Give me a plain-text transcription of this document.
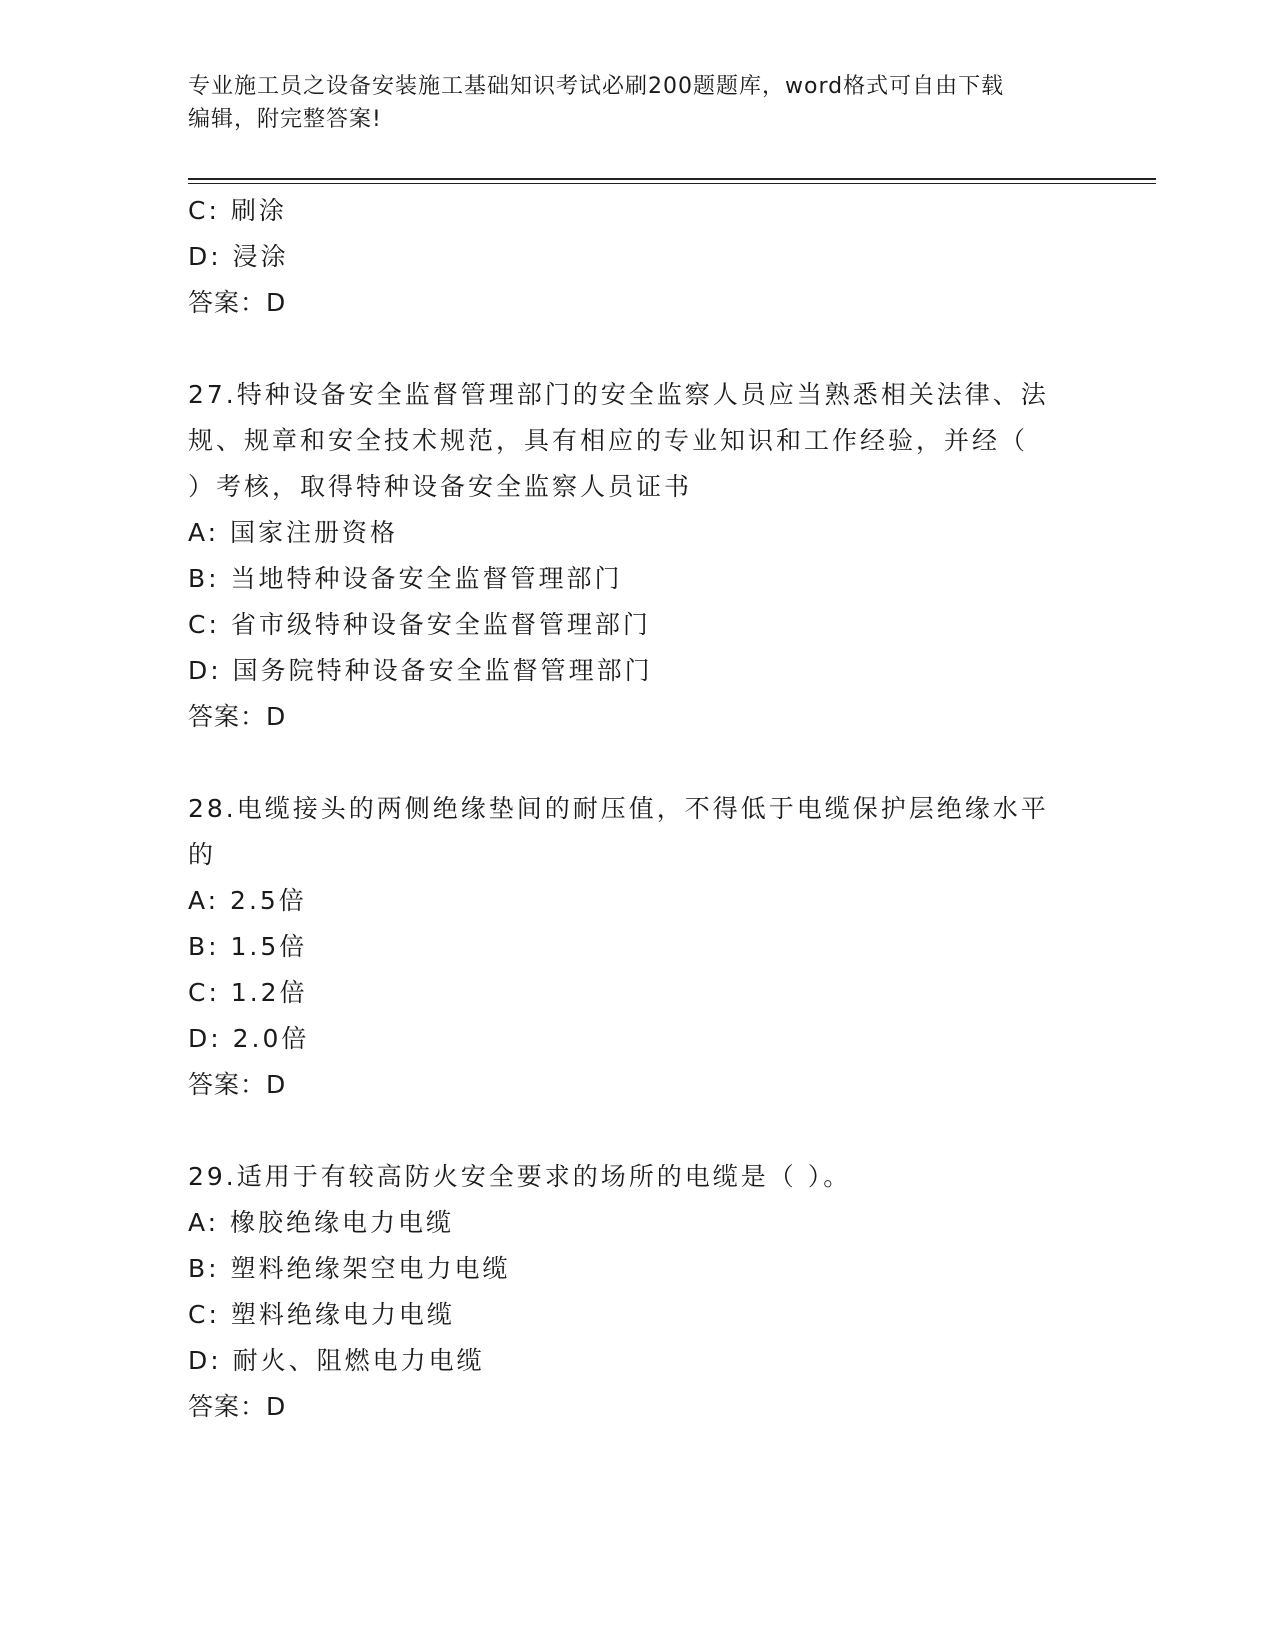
专业施工员之设备安装施工基础知识考试必刷200题题库，word格式可自由下载
编辑，附完整答案!

C: 刷涂

D: 浸涂

答案：D

27.特种设备安全监督管理部门的安全监察人员应当熟悉相关法律、法

规、规章和安全技术规范，具有相应的专业知识和工作经验，并经（

）考核，取得特种设备安全监察人员证书

A: 国家注册资格

B: 当地特种设备安全监督管理部门

C: 省市级特种设备安全监督管理部门

D: 国务院特种设备安全监督管理部门

答案：D

28.电缆接头的两侧绝缘垫间的耐压值，不得低于电缆保护层绝缘水平

的

A: 2.5倍

B: 1.5倍

C: 1.2倍

D: 2.0倍

答案：D

29.适用于有较高防火安全要求的场所的电缆是（ ）。

A: 橡胶绝缘电力电缆

B: 塑料绝缘架空电力电缆

C: 塑料绝缘电力电缆

D: 耐火、阻燃电力电缆

答案：D
